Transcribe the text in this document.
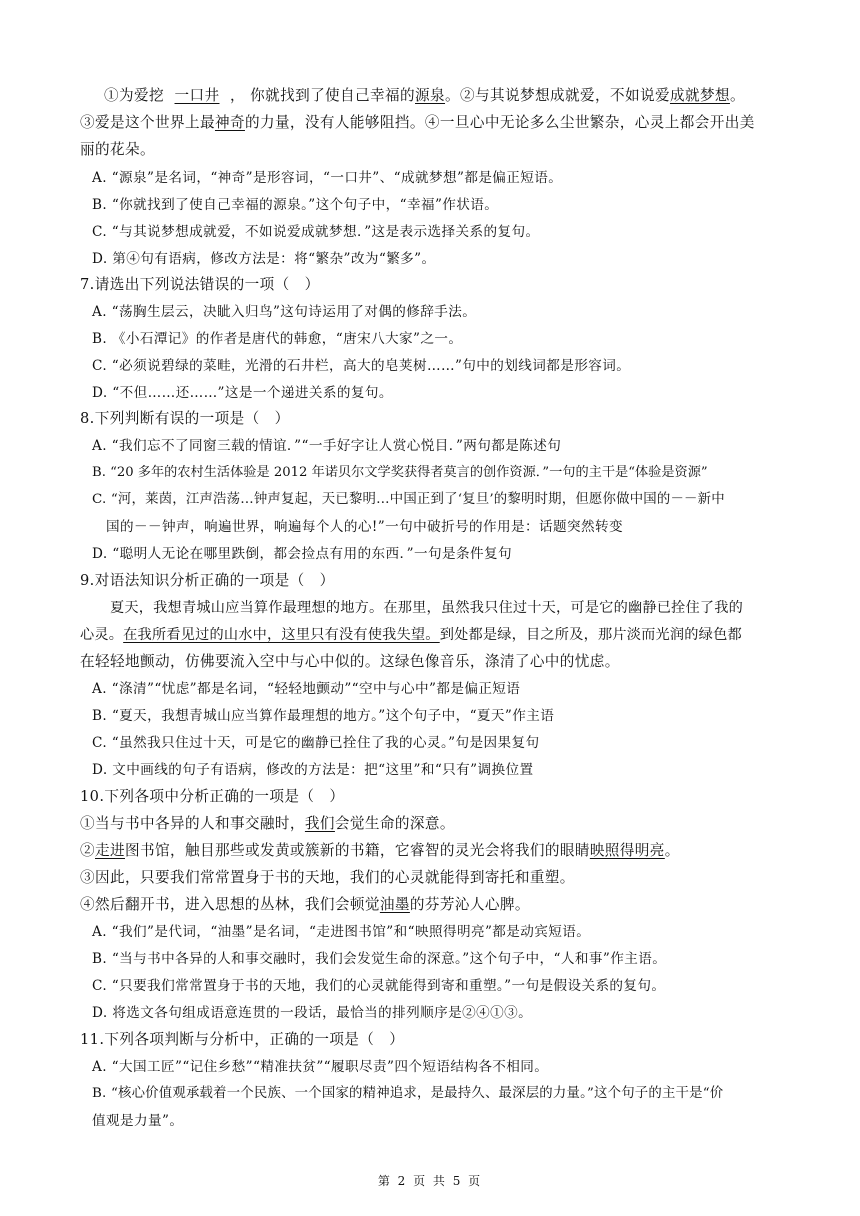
①为爱挖 一口井 ， 你就找到了使自己幸福的源泉。②与其说梦想成就爱，不如说爱成就梦想。
③爱是这个世界上最神奇的力量，没有人能够阻挡。④一旦心中无论多么尘世繁杂，心灵上都会开出美
丽的花朵。
A. “源泉”是名词，“神奇”是形容词，“一口井”、“成就梦想”都是偏正短语。
B. “你就找到了使自己幸福的源泉。”这个句子中，“幸福”作状语。
C. “与其说梦想成就爱，不如说爱成就梦想．”这是表示选择关系的复句。
D. 第④句有语病，修改方法是：将“繁杂”改为“繁多”。
7.请选出下列说法错误的一项（　）
A. “荡胸生层云，决眦入归鸟”这句诗运用了对偶的修辞手法。
B. 《小石潭记》的作者是唐代的韩愈，“唐宋八大家”之一。
C. “必须说碧绿的菜畦，光滑的石井栏，高大的皂荚树……”句中的划线词都是形容词。
D. “不但……还……”这是一个递进关系的复句。
8.下列判断有误的一项是（　）
A. “我们忘不了同窗三载的情谊．”“一手好字让人赏心悦目．”两句都是陈述句
B. “20 多年的农村生活体验是 2012 年诺贝尔文学奖获得者莫言的创作资源．”一句的主干是“体验是资源”
C. “河，莱茵，江声浩荡…钟声复起，天已黎明…中国正到了‘复旦’的黎明时期，但愿你做中国的－－新中
国的－－钟声，响遍世界，响遍每个人的心!”一句中破折号的作用是：话题突然转变
D. “聪明人无论在哪里跌倒，都会捡点有用的东西．”一句是条件复句
9.对语法知识分析正确的一项是（　）
夏天，我想青城山应当算作最理想的地方。在那里，虽然我只住过十天，可是它的幽静已拴住了我的
心灵。在我所看见过的山水中，这里只有没有使我失望。到处都是绿，目之所及，那片淡而光润的绿色都
在轻轻地颤动，仿佛要流入空中与心中似的。这绿色像音乐，涤清了心中的忧虑。
A. “涤清”“忧虑”都是名词，“轻轻地颤动”“空中与心中”都是偏正短语
B. “夏天，我想青城山应当算作最理想的地方。”这个句子中，“夏天”作主语
C. “虽然我只住过十天，可是它的幽静已拴住了我的心灵。”句是因果复句
D. 文中画线的句子有语病，修改的方法是：把“这里”和“只有”调换位置
10.下列各项中分析正确的一项是（　）
①当与书中各异的人和事交融时，我们会觉生命的深意。
②走进图书馆，触目那些或发黄或簇新的书籍，它睿智的灵光会将我们的眼睛映照得明亮。
③因此，只要我们常常置身于书的天地，我们的心灵就能得到寄托和重塑。
④然后翻开书，进入思想的丛林，我们会顿觉油墨的芬芳沁人心脾。
A. “我们”是代词，“油墨”是名词，“走进图书馆”和“映照得明亮”都是动宾短语。
B. “当与书中各异的人和事交融时，我们会发觉生命的深意。”这个句子中，“人和事”作主语。
C. “只要我们常常置身于书的天地，我们的心灵就能得到寄和重塑。”一句是假设关系的复句。
D. 将选文各句组成语意连贯的一段话，最恰当的排列顺序是②④①③。
11.下列各项判断与分析中，正确的一项是（　）
A. “大国工匠”“记住乡愁”“精准扶贫”“履职尽责”四个短语结构各不相同。
B. “核心价值观承载着一个民族、一个国家的精神追求，是最持久、最深层的力量。”这个句子的主干是“价
值观是力量”。
第 2 页 共 5 页
